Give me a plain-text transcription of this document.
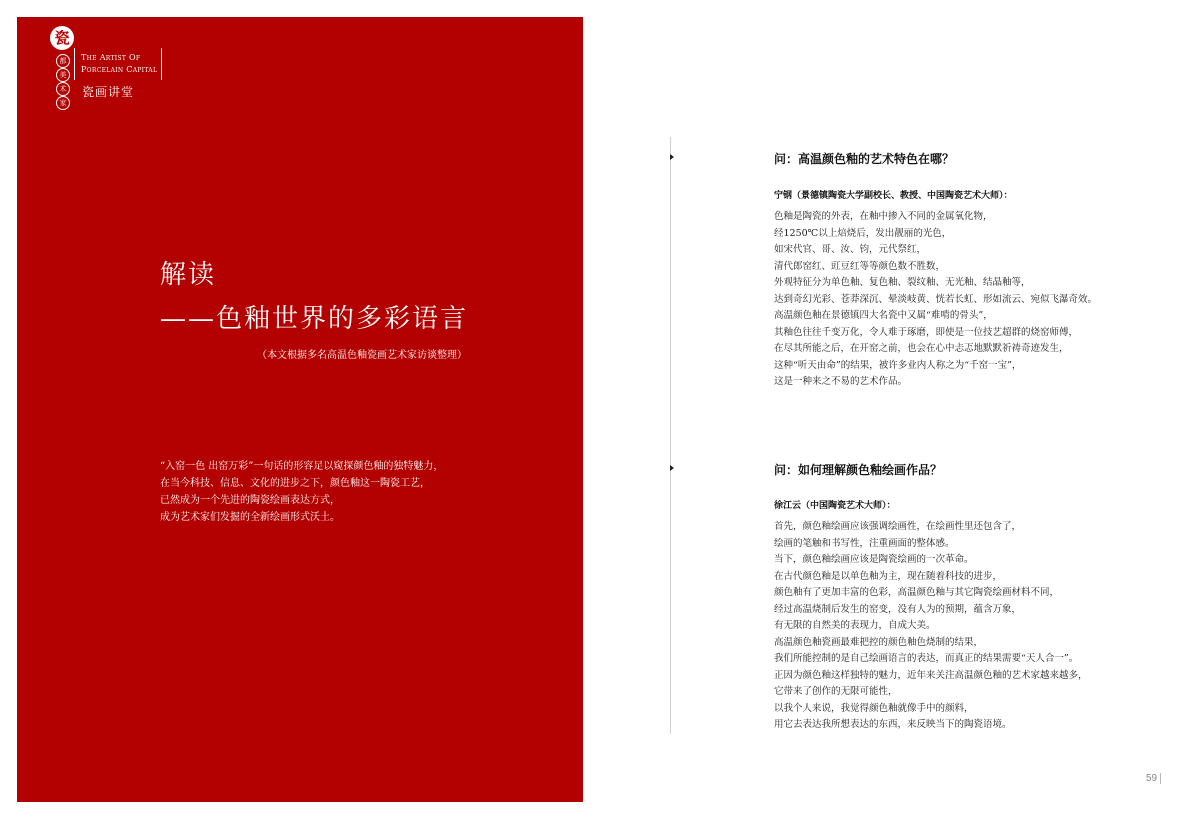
瓷
都
美
术
家
The Artist Of
Porcelain Capital
瓷画讲堂
解读
——色釉世界的多彩语言
（本文根据多名高温色釉瓷画艺术家访谈整理）
“入窑一色 出窑万彩”一句话的形容足以窥探颜色釉的独特魅力，
在当今科技、信息、文化的进步之下，颜色釉这一陶瓷工艺，
已然成为一个先进的陶瓷绘画表达方式，
成为艺术家们发掘的全新绘画形式沃土。
问：高温颜色釉的艺术特色在哪？
宁钢（景德镇陶瓷大学副校长、教授、中国陶瓷艺术大师）：
色釉是陶瓷的外表，在釉中掺入不同的金属氧化物，
经1250℃以上焙烧后，发出靓丽的光色，
如宋代官、哥、汝、钧，元代祭红，
清代郎窑红、豇豆红等等颜色数不胜数，
外观特征分为单色釉、复色釉、裂纹釉、无光釉、结晶釉等，
达到奇幻光彩、苍莽深沉、晕淡岐黄、恍若长虹、形如流云、宛似飞瀑奇效。
高温颜色釉在景德镇四大名瓷中又属“难啃的骨头”，
其釉色往往千变万化，令人难于琢磨，即使是一位技艺超群的烧窑师傅，
在尽其所能之后，在开窑之前，也会在心中忐忑地默默祈祷奇迹发生，
这种“听天由命”的结果，被许多业内人称之为“千窑一宝”，
这是一种来之不易的艺术作品。
问：如何理解颜色釉绘画作品？
徐江云（中国陶瓷艺术大师）：
首先，颜色釉绘画应该强调绘画性，在绘画性里还包含了，
绘画的笔触和书写性，注重画面的整体感。
当下，颜色釉绘画应该是陶瓷绘画的一次革命。
在古代颜色釉是以单色釉为主，现在随着科技的进步，
颜色釉有了更加丰富的色彩，高温颜色釉与其它陶瓷绘画材料不同，
经过高温烧制后发生的窑变，没有人为的预期，蕴含万象，
有无限的自然美的表现力，自成大美。
高温颜色釉瓷画最难把控的颜色釉色烧制的结果，
我们所能控制的是自己绘画语言的表达，而真正的结果需要“天人合一”。
正因为颜色釉这样独特的魅力，近年来关注高温颜色釉的艺术家越来越多，
它带来了创作的无限可能性，
以我个人来说，我觉得颜色釉就像手中的颜料，
用它去表达我所想表达的东西，来反映当下的陶瓷语境。
59
